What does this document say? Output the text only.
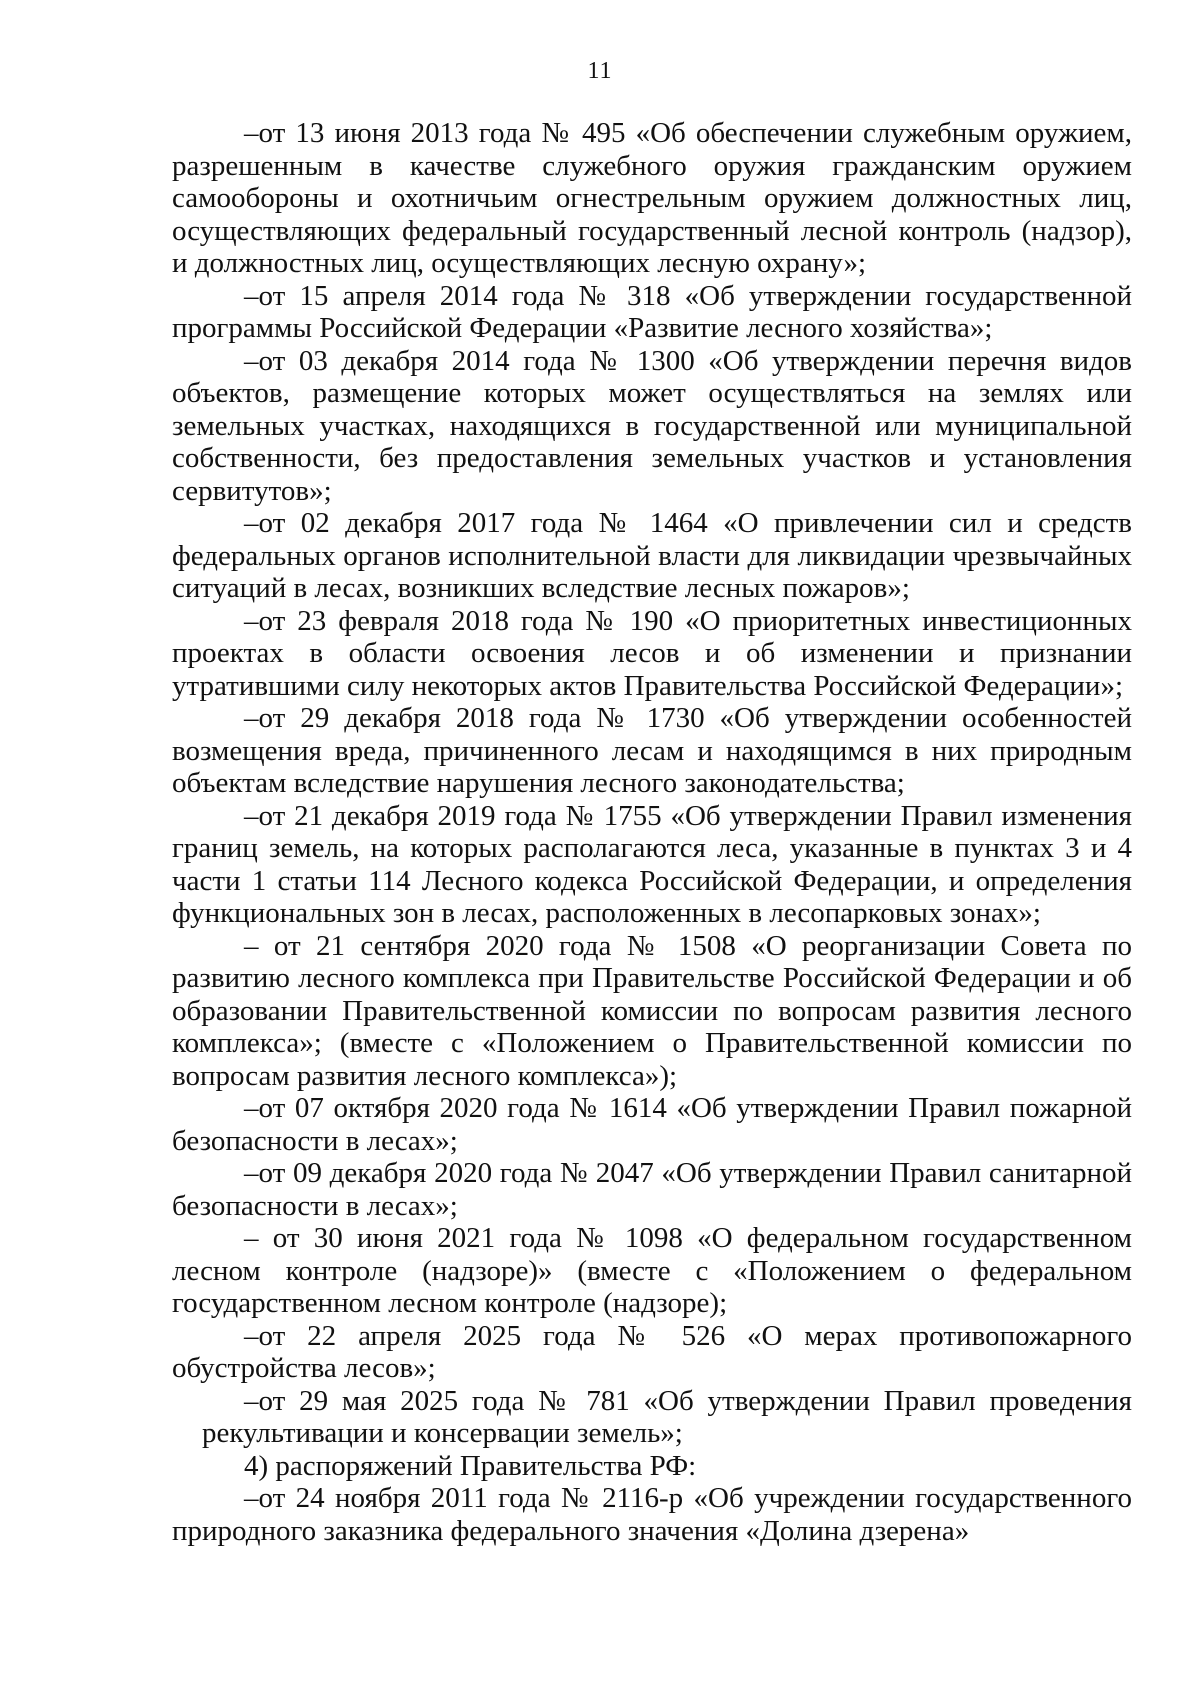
11

–от 13 июня 2013 года № 495 «Об обеспечении служебным оружием, разрешенным в качестве служебного оружия гражданским оружием самообороны и охотничьим огнестрельным оружием должностных лиц, осуществляющих федеральный государственный лесной контроль (надзор), и должностных лиц, осуществляющих лесную охрану»;

–от 15 апреля 2014 года № 318 «Об утверждении государственной программы Российской Федерации «Развитие лесного хозяйства»;

–от 03 декабря 2014 года № 1300 «Об утверждении перечня видов объектов, размещение которых может осуществляться на землях или земельных участках, находящихся в государственной или муниципальной собственности, без предоставления земельных участков и установления сервитутов»;

–от 02 декабря 2017 года № 1464 «О привлечении сил и средств федеральных органов исполнительной власти для ликвидации чрезвычайных ситуаций в лесах, возникших вследствие лесных пожаров»;

–от 23 февраля 2018 года № 190 «О приоритетных инвестиционных проектах в области освоения лесов и об изменении и признании утратившими силу некоторых актов Правительства Российской Федерации»;

–от 29 декабря 2018 года № 1730 «Об утверждении особенностей возмещения вреда, причиненного лесам и находящимся в них природным объектам вследствие нарушения лесного законодательства;

–от 21 декабря 2019 года № 1755 «Об утверждении Правил изменения границ земель, на которых располагаются леса, указанные в пунктах 3 и 4 части 1 статьи 114 Лесного кодекса Российской Федерации, и определения функциональных зон в лесах, расположенных в лесопарковых зонах»;

– от 21 сентября 2020 года № 1508 «О реорганизации Совета по развитию лесного комплекса при Правительстве Российской Федерации и об образовании Правительственной комиссии по вопросам развития лесного комплекса»; (вместе с «Положением о Правительственной комиссии по вопросам развития лесного комплекса»);

–от 07 октября 2020 года № 1614 «Об утверждении Правил пожарной безопасности в лесах»;

–от 09 декабря 2020 года № 2047 «Об утверждении Правил санитарной безопасности в лесах»;

– от 30 июня 2021 года № 1098 «О федеральном государственном лесном контроле (надзоре)» (вместе с «Положением о федеральном государственном лесном контроле (надзоре);

–от 22 апреля 2025 года № 526 «О мерах противопожарного обустройства лесов»;

–от 29 мая 2025 года № 781 «Об утверждении Правил проведения рекультивации и консервации земель»;

4) распоряжений Правительства РФ:

–от 24 ноября 2011 года № 2116-р «Об учреждении государственного природного заказника федерального значения «Долина дзерена»
